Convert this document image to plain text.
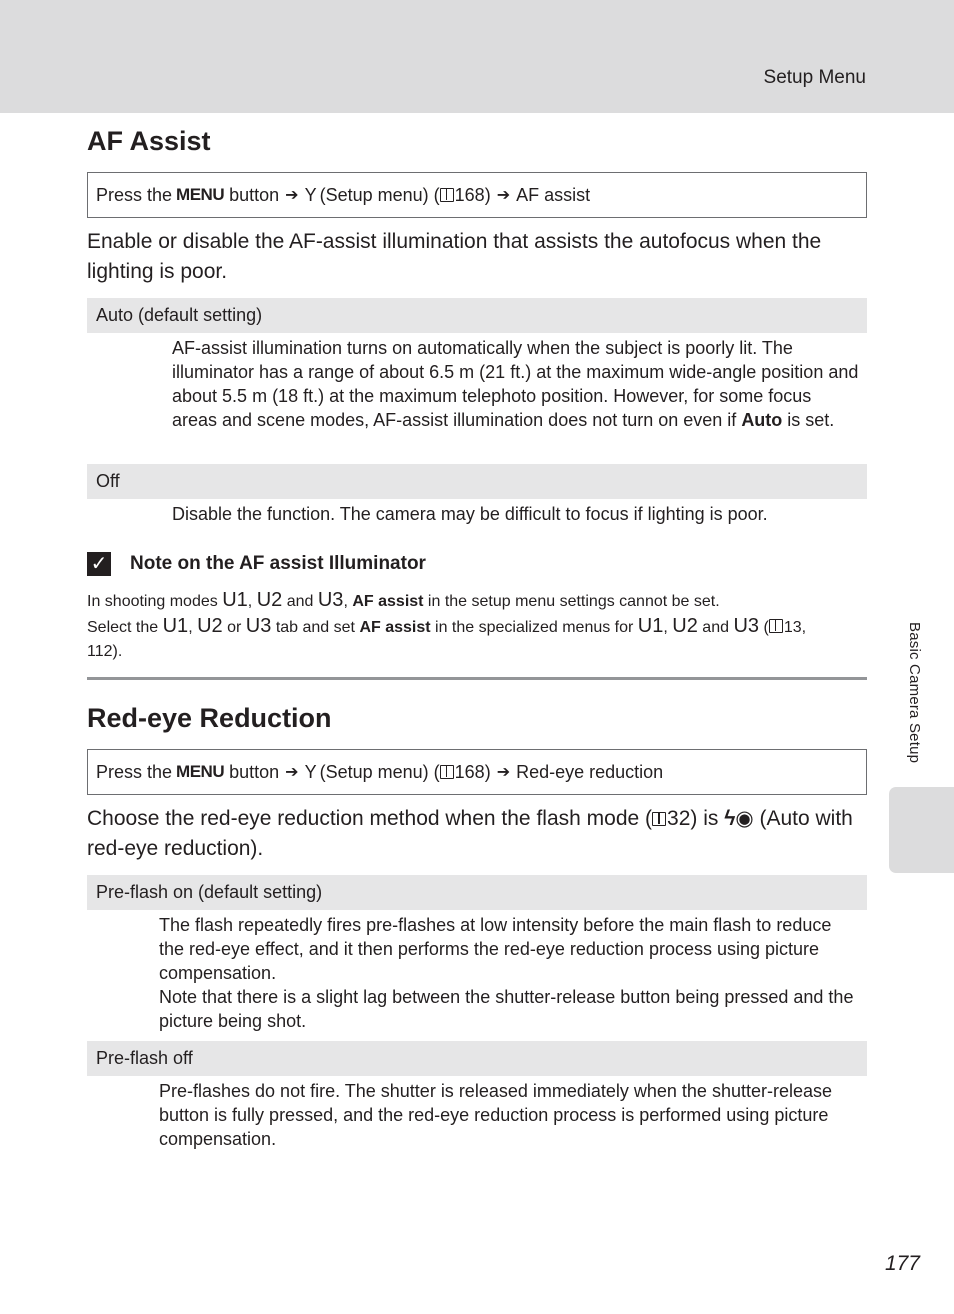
Setup Menu
Basic Camera Setup
AF Assist
Press the MENU button ➔ Y (Setup menu) ( 168 ) ➔ AF assist

Enable or disable the AF-assist illumination that assists the autofocus when the lighting is poor.

Auto (default setting)
AF-assist illumination turns on automatically when the subject is poorly lit. The illuminator has a range of about 6.5 m (21 ft.) at the maximum wide-angle position and about 5.5 m (18 ft.) at the maximum telephoto position. However, for some focus areas and scene modes, AF-assist illumination does not turn on even if Auto is set.
Off
Disable the function. The camera may be difficult to focus if lighting is poor.
✓ Note on the AF assist Illuminator
In shooting modes U1, U2 and U3, AF assist in the setup menu settings cannot be set.
Select the U1, U2 or U3 tab and set AF assist in the specialized menus for U1, U2 and U3 ( 13,
112).
Red-eye Reduction
Press the MENU button ➔ Y (Setup menu) ( 168 ) ➔ Red-eye reduction

Choose the red-eye reduction method when the flash mode ( 32) is ϟ◉ (Auto with red-eye reduction).

Pre-flash on (default setting)
The flash repeatedly fires pre-flashes at low intensity before the main flash to reduce the red-eye effect, and it then performs the red-eye reduction process using picture compensation.
Note that there is a slight lag between the shutter-release button being pressed and the picture being shot.
Pre-flash off
Pre-flashes do not fire. The shutter is released immediately when the shutter-release button is fully pressed, and the red-eye reduction process is performed using picture compensation.
177
